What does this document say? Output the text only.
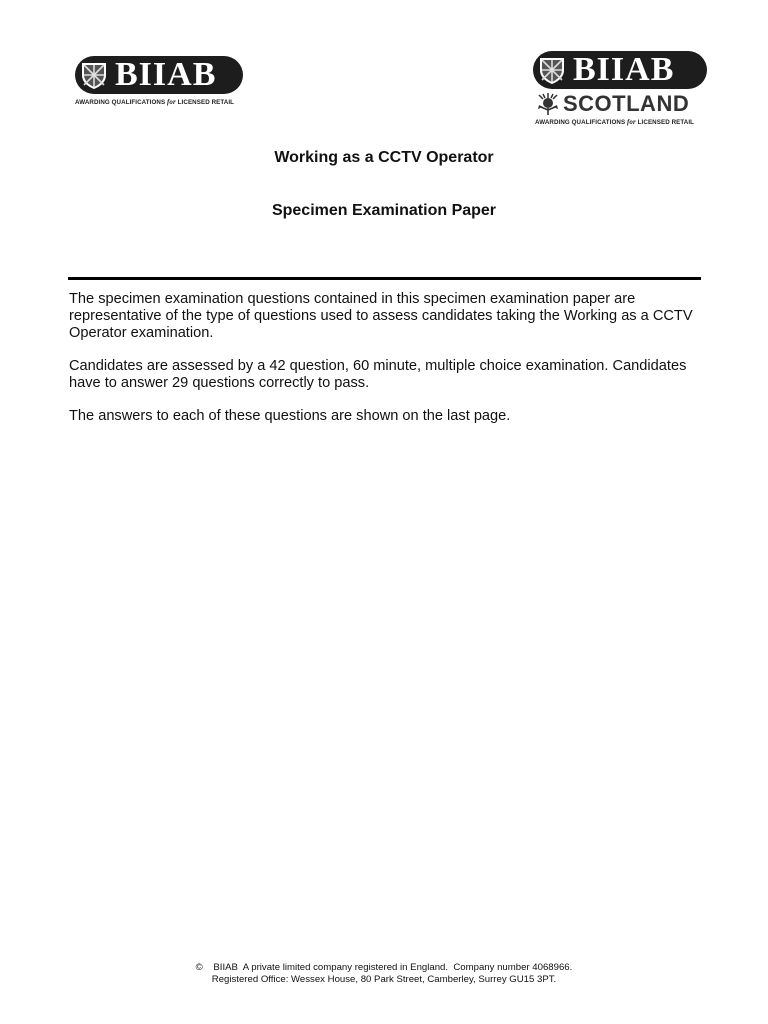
BIIAB
AWARDING QUALIFICATIONS for LICENSED RETAIL
BIIAB
SCOTLAND
AWARDING QUALIFICATIONS for LICENSED RETAIL
Working as a CCTV Operator
Specimen Examination Paper
The specimen examination questions contained in this specimen examination paper are representative of the type of questions used to assess candidates taking the Working as a CCTV Operator examination.
Candidates are assessed by a 42 question, 60 minute, multiple choice examination. Candidates have to answer 29 questions correctly to pass.
The answers to each of these questions are shown on the last page.
©    BIIAB  A private limited company registered in England.  Company number 4068966.
Registered Office: Wessex House, 80 Park Street, Camberley, Surrey GU15 3PT.
